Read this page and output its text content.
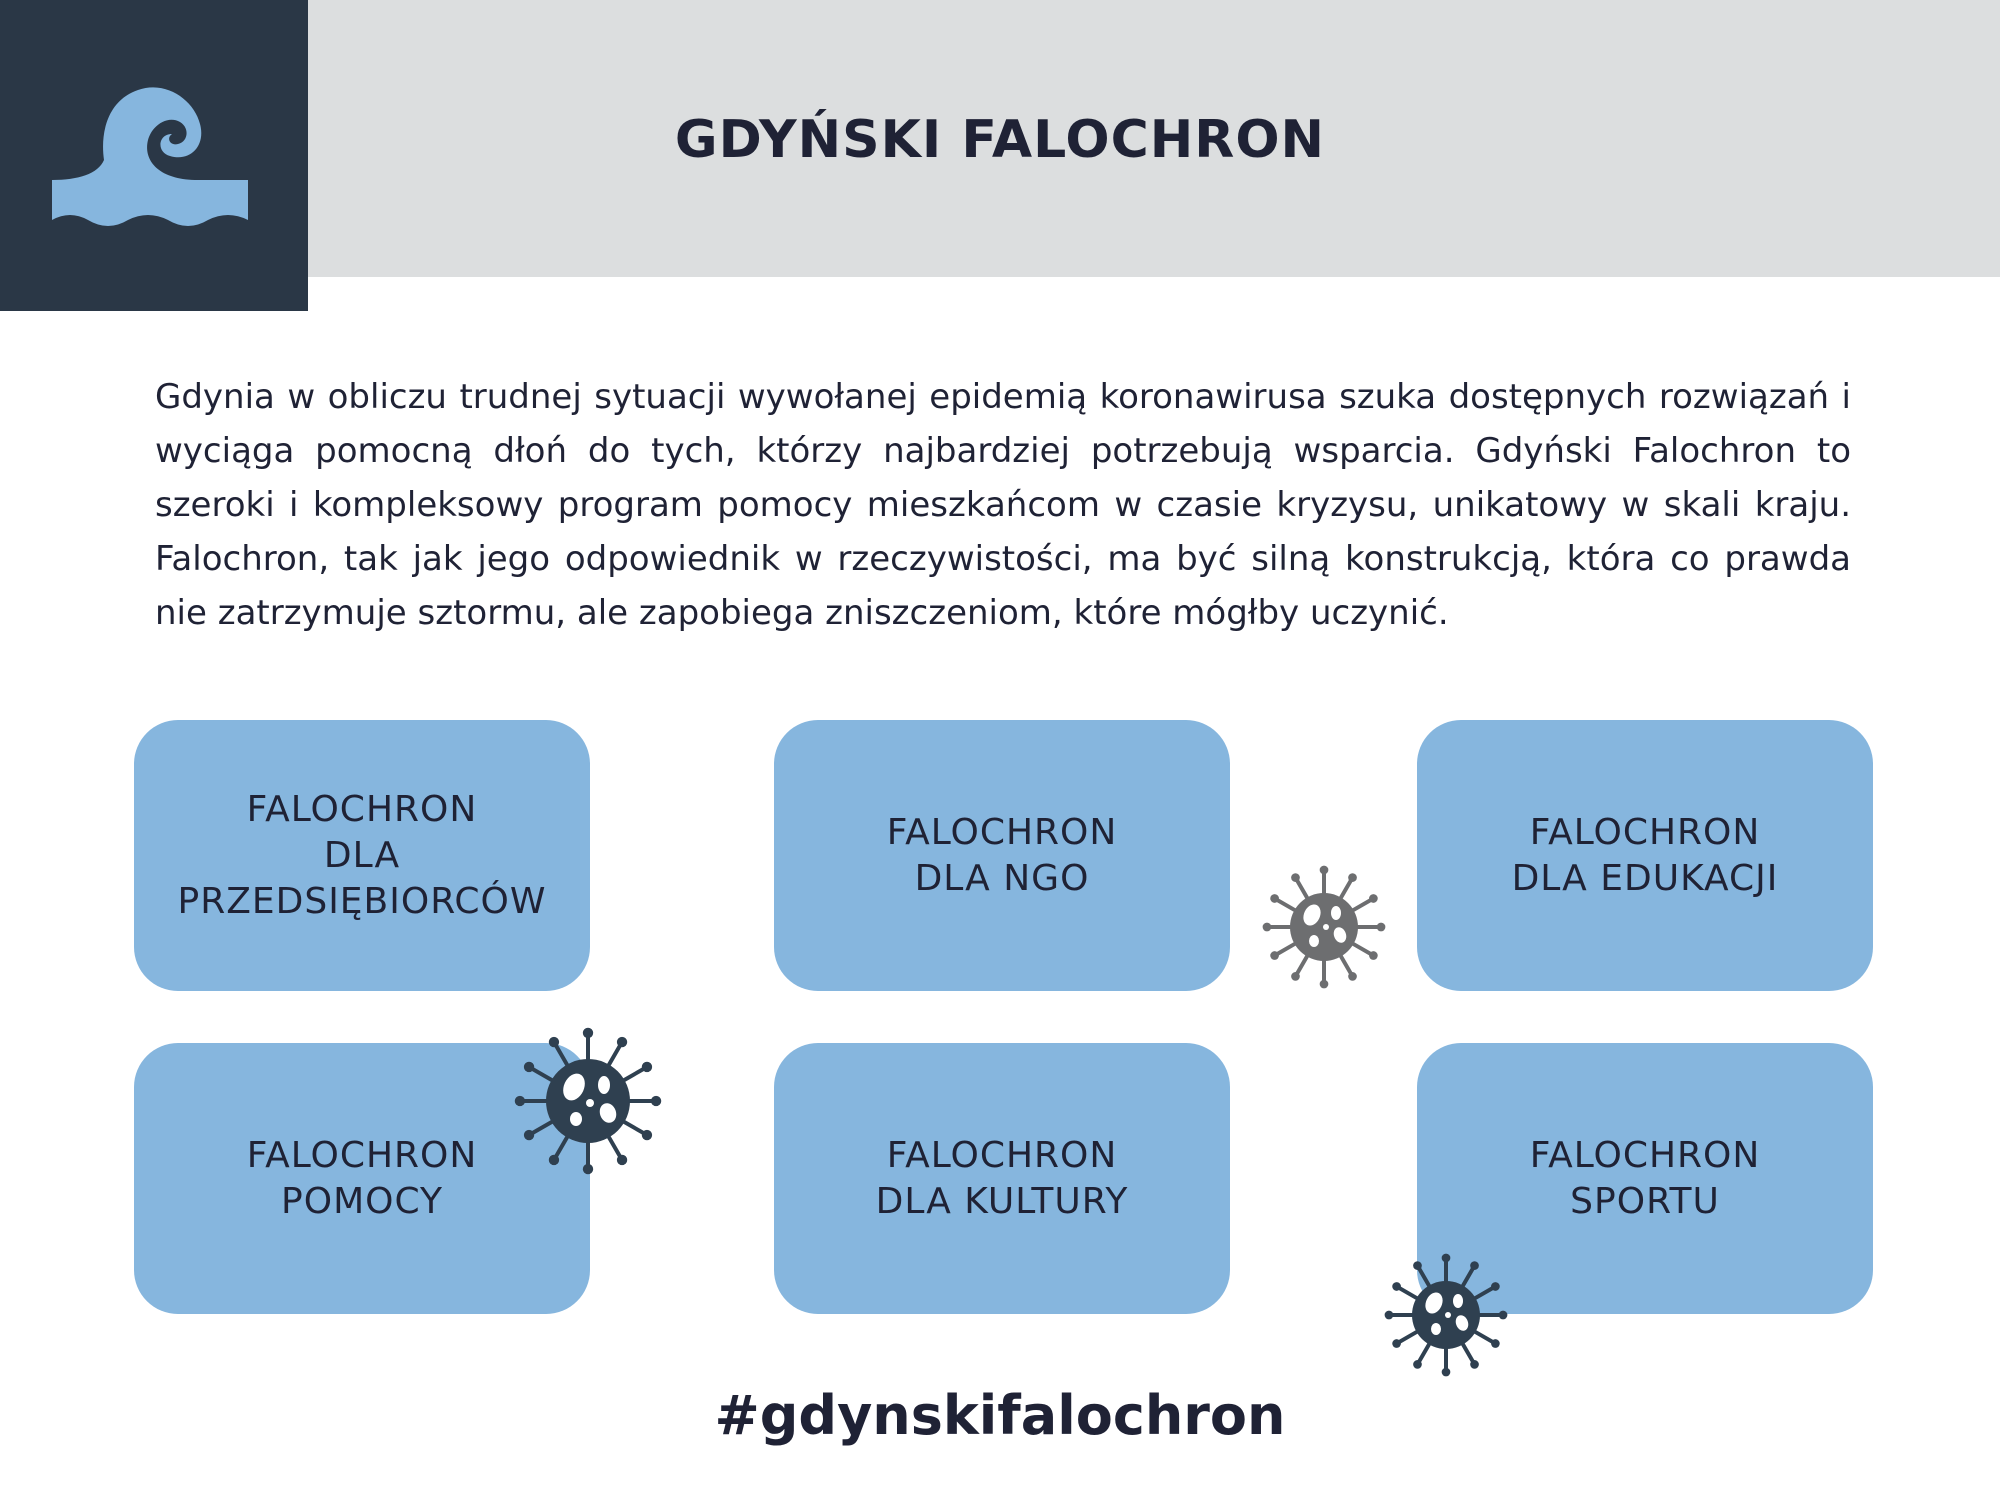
GDYŃSKI FALOCHRON

Gdynia w obliczu trudnej sytuacji wywołanej epidemią koronawirusa szuka dostępnych rozwiązań i wyciąga pomocną dłoń do tych, którzy najbardziej potrzebują wsparcia. Gdyński Falochron to szeroki i kompleksowy program pomocy mieszkańcom w czasie kryzysu, unikatowy w skali kraju. Falochron, tak jak jego odpowiednik w rzeczywistości, ma być silną konstrukcją, która co prawda nie zatrzymuje sztormu, ale zapobiega zniszczeniom, które mógłby uczynić.

FALOCHRON
DLA
PRZEDSIĘBIORCÓW
FALOCHRON
DLA NGO
FALOCHRON
DLA EDUKACJI
FALOCHRON
POMOCY
FALOCHRON
DLA KULTURY
FALOCHRON
SPORTU
#gdynskifalochron
